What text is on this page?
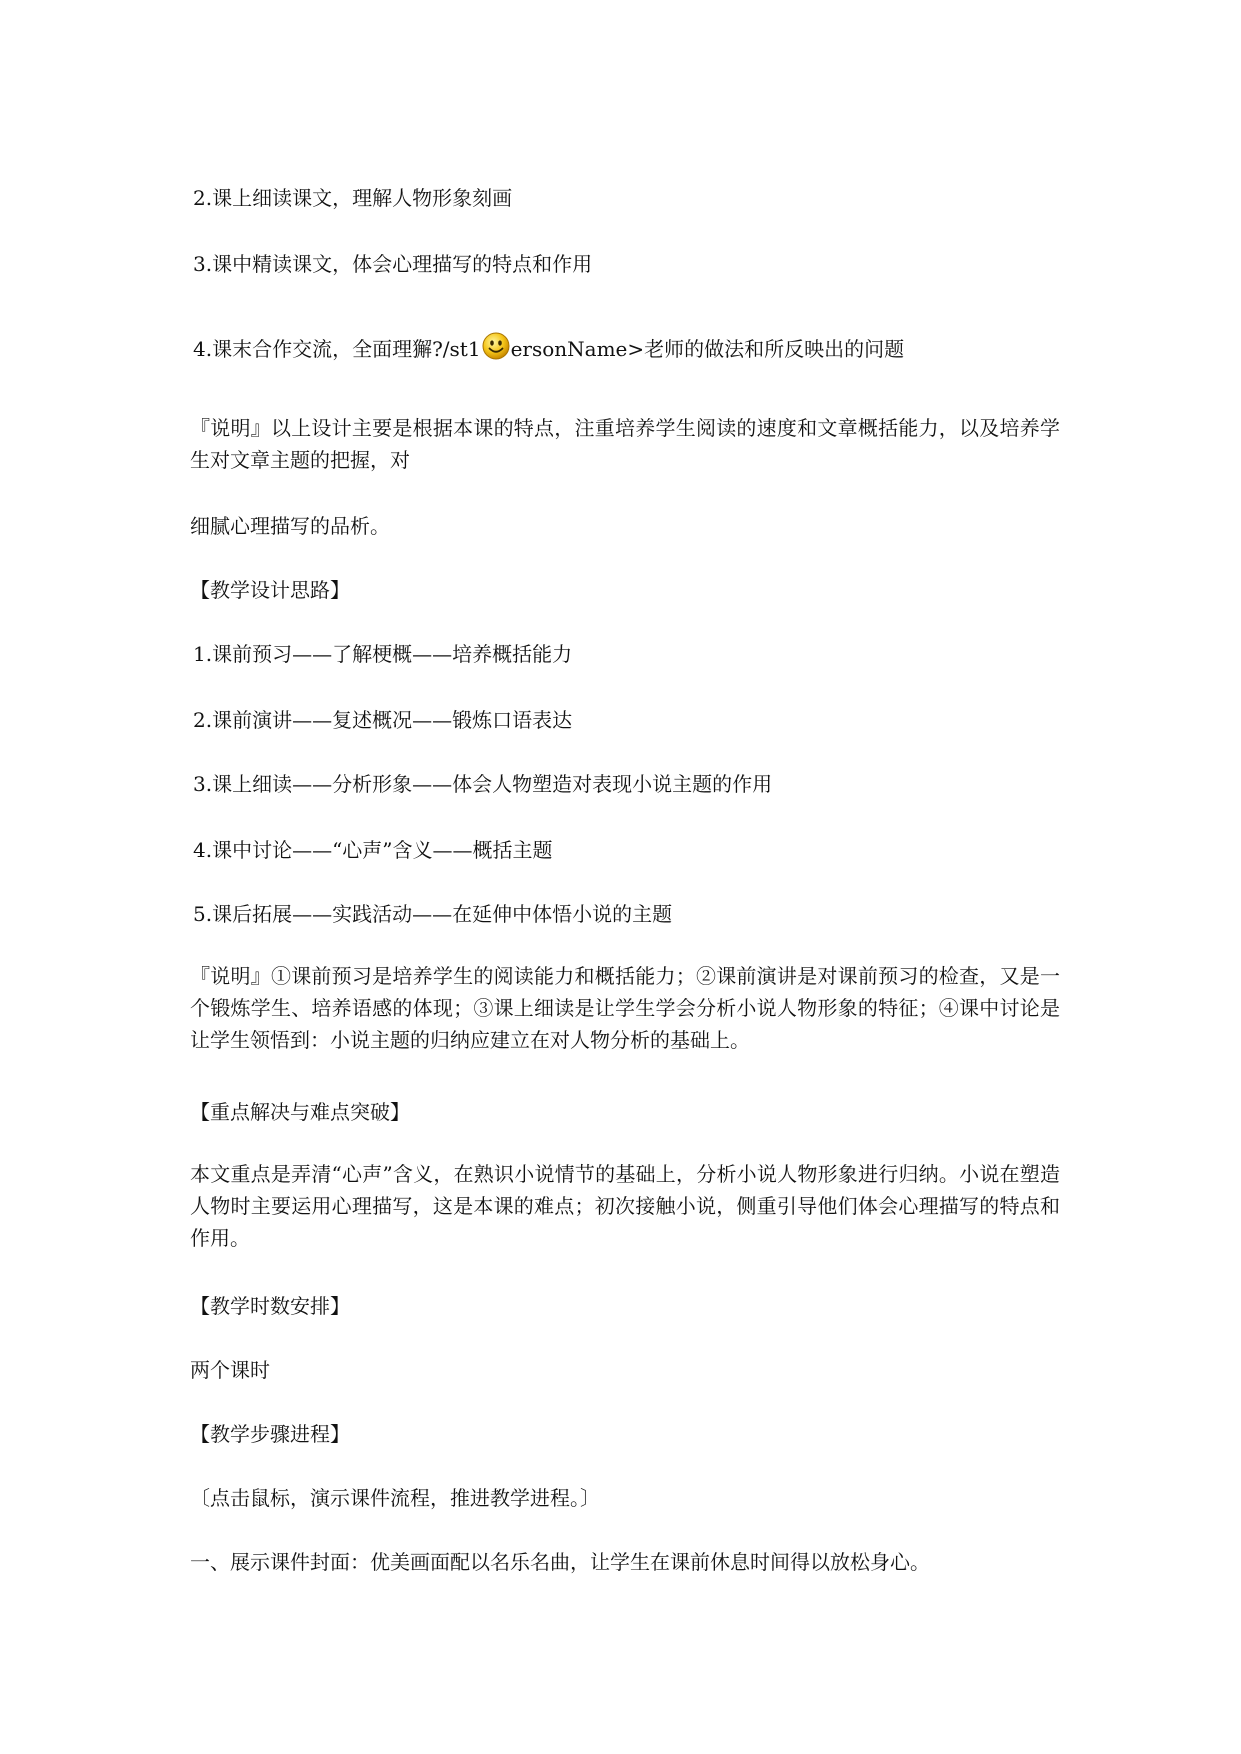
2.课上细读课文，理解人物形象刻画
3.课中精读课文，体会心理描写的特点和作用
4.课末合作交流，全面理獬?/st1 ersonName>老师的做法和所反映出的问题
『说明』以上设计主要是根据本课的特点，注重培养学生阅读的速度和文章概括能力，以及培养学生对文章主题的把握，对
细腻心理描写的品析。
【教学设计思路】
1.课前预习——了解梗概——培养概括能力
2.课前演讲——复述概况——锻炼口语表达
3.课上细读——分析形象——体会人物塑造对表现小说主题的作用
4.课中讨论——“心声”含义——概括主题
5.课后拓展——实践活动——在延伸中体悟小说的主题
『说明』①课前预习是培养学生的阅读能力和概括能力；②课前演讲是对课前预习的检查，又是一个锻炼学生、培养语感的体现；③课上细读是让学生学会分析小说人物形象的特征；④课中讨论是让学生领悟到：小说主题的归纳应建立在对人物分析的基础上。
【重点解决与难点突破】
本文重点是弄清“心声”含义，在熟识小说情节的基础上，分析小说人物形象进行归纳。小说在塑造人物时主要运用心理描写，这是本课的难点；初次接触小说，侧重引导他们体会心理描写的特点和作用。
【教学时数安排】
两个课时
【教学步骤进程】
〔点击鼠标，演示课件流程，推进教学进程。〕
一、展示课件封面：优美画面配以名乐名曲，让学生在课前休息时间得以放松身心。
